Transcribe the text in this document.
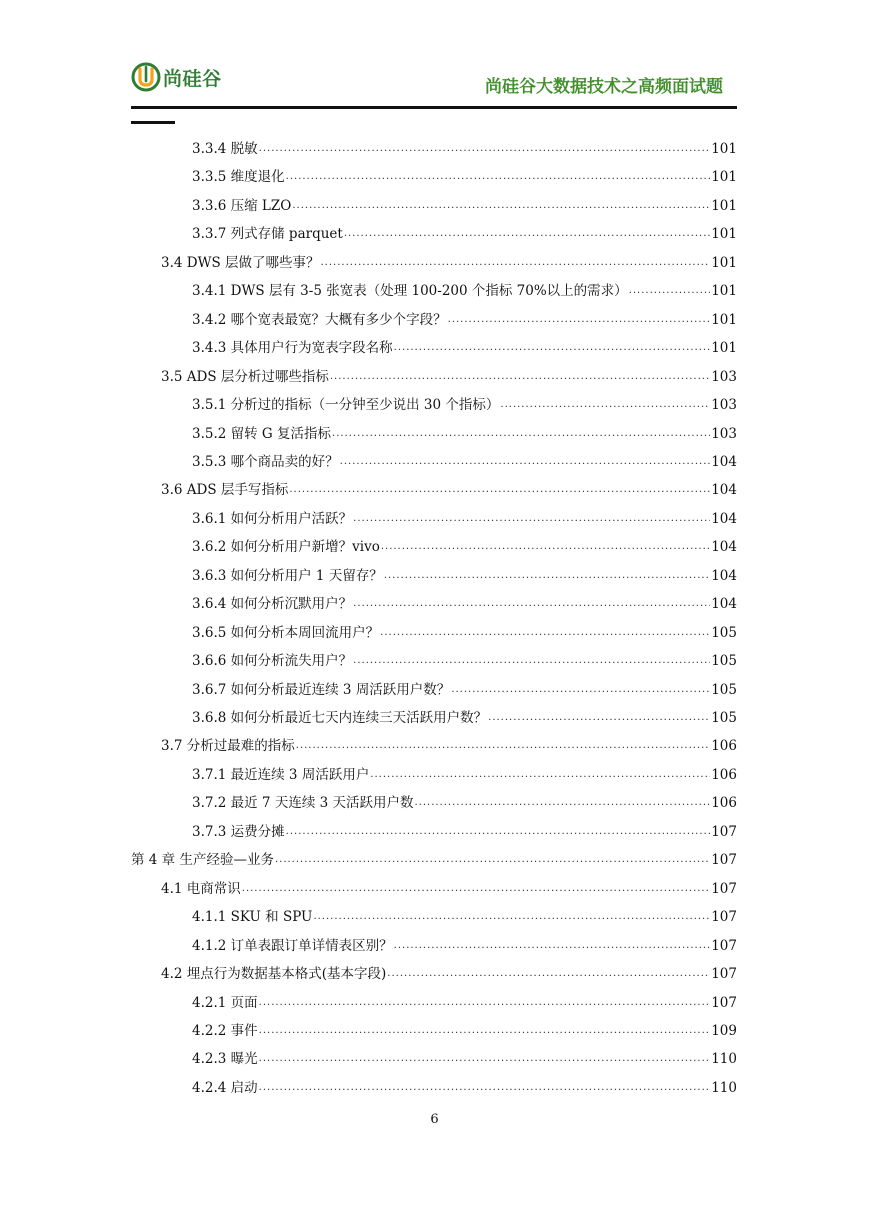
尚硅谷	尚硅谷大数据技术之高频面试题
3.3.4 脱敏 .....	101
3.3.5 维度退化 .....	101
3.3.6 压缩 LZO .....	101
3.3.7 列式存储 parquet .....	101
3.4 DWS 层做了哪些事？ .....	101
3.4.1 DWS 层有 3-5 张宽表（处理 100-200 个指标 70%以上的需求） .....	101
3.4.2 哪个宽表最宽？大概有多少个字段？ .....	101
3.4.3 具体用户行为宽表字段名称 .....	101
3.5 ADS 层分析过哪些指标 .....	103
3.5.1 分析过的指标（一分钟至少说出 30 个指标） .....	103
3.5.2 留转 G 复活指标 .....	103
3.5.3 哪个商品卖的好？ .....	104
3.6 ADS 层手写指标 .....	104
3.6.1 如何分析用户活跃？ .....	104
3.6.2 如何分析用户新增？vivo .....	104
3.6.3 如何分析用户 1 天留存？ .....	104
3.6.4 如何分析沉默用户？ .....	104
3.6.5 如何分析本周回流用户？ .....	105
3.6.6 如何分析流失用户？ .....	105
3.6.7 如何分析最近连续 3 周活跃用户数？ .....	105
3.6.8 如何分析最近七天内连续三天活跃用户数？ .....	105
3.7 分析过最难的指标 .....	106
3.7.1 最近连续 3 周活跃用户 .....	106
3.7.2 最近 7 天连续 3 天活跃用户数 .....	106
3.7.3 运费分摊 .....	107
第 4 章 生产经验—业务 .....	107
4.1 电商常识 .....	107
4.1.1 SKU 和 SPU .....	107
4.1.2 订单表跟订单详情表区别？ .....	107
4.2 埋点行为数据基本格式(基本字段) .....	107
4.2.1 页面 .....	107
4.2.2 事件 .....	109
4.2.3 曝光 .....	110
4.2.4 启动 .....	110
6
